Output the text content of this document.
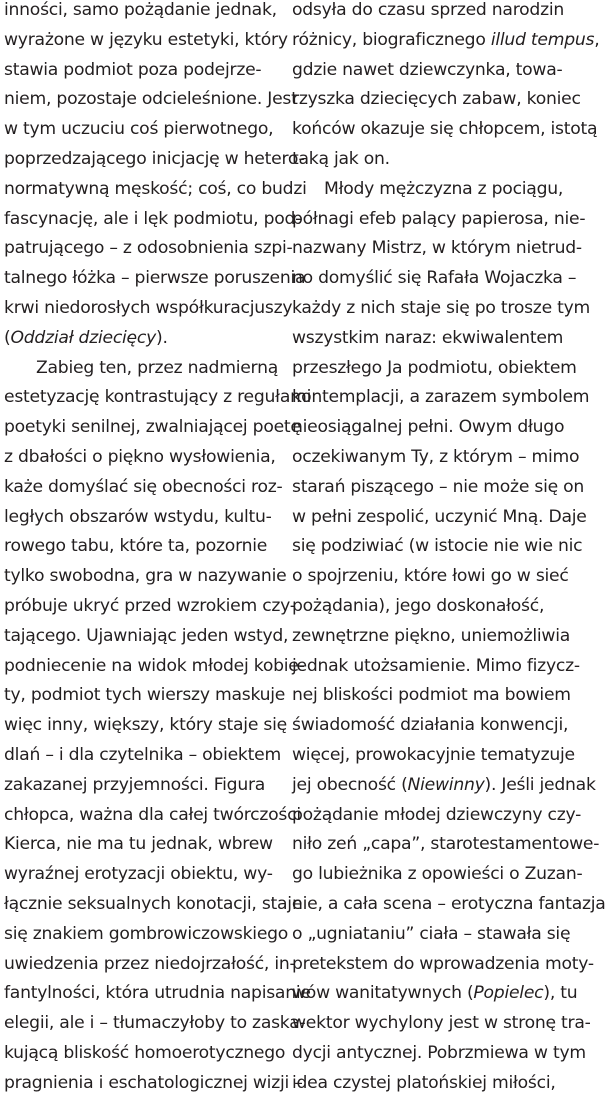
inności, samo pożądanie jednak,
wyrażone w języku estetyki, który
stawia podmiot poza podejrze-
niem, pozostaje odcieleśnione. Jest
w tym uczuciu coś pierwotnego,
poprzedzającego inicjację w hetero-
normatywną męskość; coś, co budzi
fascynację, ale i lęk podmiotu, pod-
patrującego – z odosobnienia szpi-
talnego łóżka – pierwsze poruszenia
krwi niedorosłych współkuracjuszy
(Oddział dziecięcy).
Zabieg ten, przez nadmierną
estetyzację kontrastujący z regułami
poetyki senilnej, zwalniającej poetę
z dbałości o piękno wysłowienia,
każe domyślać się obecności roz-
ległych obszarów wstydu, kultu-
rowego tabu, które ta, pozornie
tylko swobodna, gra w nazywanie
próbuje ukryć przed wzrokiem czy-
tającego. Ujawniając jeden wstyd,
podniecenie na widok młodej kobie-
ty, podmiot tych wierszy maskuje
więc inny, większy, który staje się
dlań – i dla czytelnika – obiektem
zakazanej przyjemności. Figura
chłopca, ważna dla całej twórczości
Kierca, nie ma tu jednak, wbrew
wyraźnej erotyzacji obiektu, wy-
łącznie seksualnych konotacji, staje
się znakiem gombrowiczowskiego
uwiedzenia przez niedojrzałość, in-
fantylności, która utrudnia napisanie
elegii, ale i – tłumaczyłoby to zaska-
kującą bliskość homoerotycznego
pragnienia i eschatologicznej wizji –
odsyła do czasu sprzed narodzin
różnicy, biograficznego illud tempus,
gdzie nawet dziewczynka, towa-
rzyszka dziecięcych zabaw, koniec
końców okazuje się chłopcem, istotą
taką jak on.
Młody mężczyzna z pociągu,
półnagi efeb palący papierosa, nie-
nazwany Mistrz, w którym nietrud-
no domyślić się Rafała Wojaczka –
każdy z nich staje się po trosze tym
wszystkim naraz: ekwiwalentem
przeszłego Ja podmiotu, obiektem
kontemplacji, a zarazem symbolem
nieosiągalnej pełni. Owym długo
oczekiwanym Ty, z którym – mimo
starań piszącego – nie może się on
w pełni zespolić, uczynić Mną. Daje
się podziwiać (w istocie nie wie nic
o spojrzeniu, które łowi go w sieć
pożądania), jego doskonałość,
zewnętrzne piękno, uniemożliwia
jednak utożsamienie. Mimo fizycz-
nej bliskości podmiot ma bowiem
świadomość działania konwencji,
więcej, prowokacyjnie tematyzuje
jej obecność (Niewinny). Jeśli jednak
pożądanie młodej dziewczyny czy-
niło zeń „capa”, starotestamentowe-
go lubieżnika z opowieści o Zuzan-
nie, a cała scena – erotyczna fantazja
o „ugniataniu” ciała – stawała się
pretekstem do wprowadzenia moty-
wów wanitatywnych (Popielec), tu
wektor wychylony jest w stronę tra-
dycji antycznej. Pobrzmiewa w tym
idea czystej platońskiej miłości,
